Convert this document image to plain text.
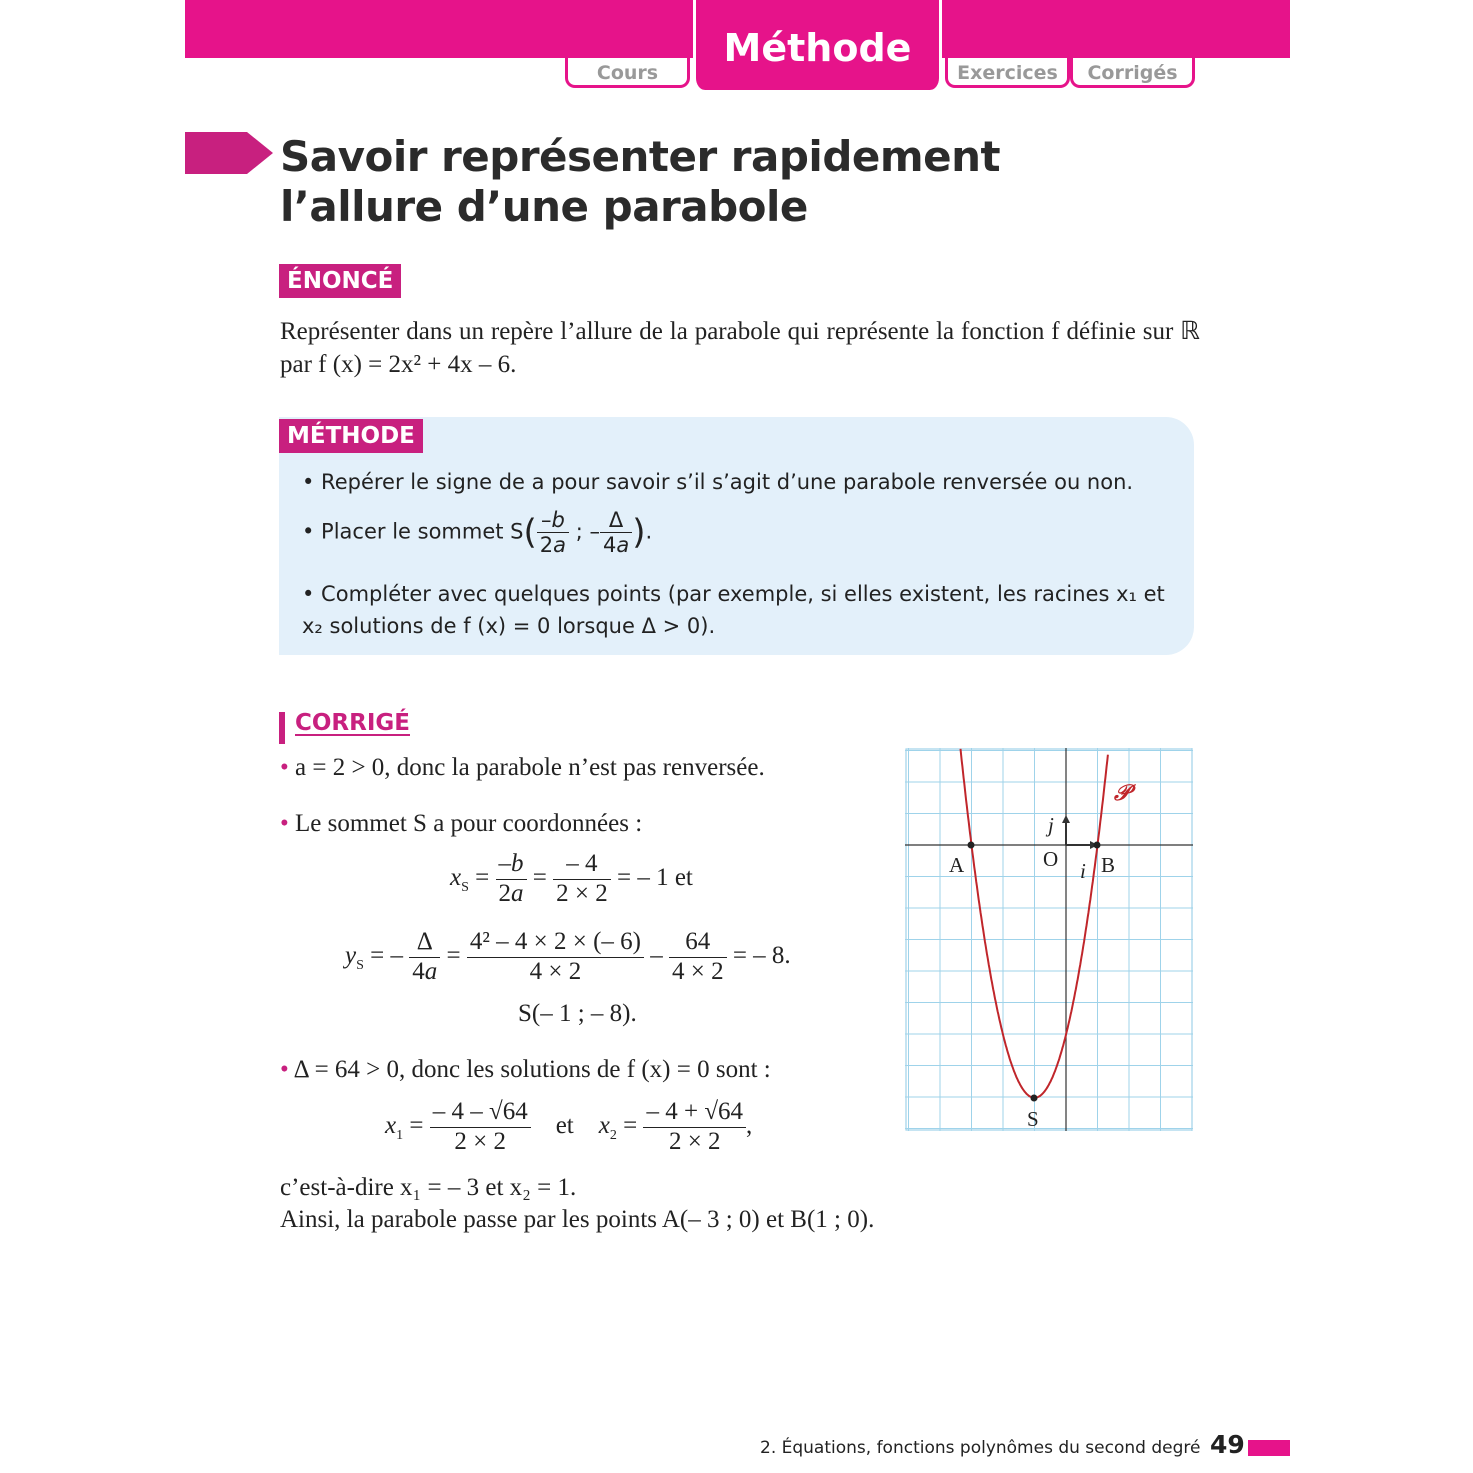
Cours
Méthode
Exercices	Corrigés
Savoir représenter rapidement
l’allure d’une parabole
ÉNONCÉ
Représenter dans un repère l’allure de la parabole qui représente la fonction f définie sur ℝ par f (x) = 2x² + 4x – 6.
MÉTHODE
• Repérer le signe de a pour savoir s’il s’agit d’une parabole renversée ou non.
• Placer le sommet $S( \frac{-b}{2a}$ ; – $\frac{\Delta}{4a}$ ).
• Compléter avec quelques points (par exemple, si elles existent, les racines x₁ et x₂ solutions de f (x) = 0 lorsque Δ > 0).
CORRIGÉ
• a = 2 > 0, donc la parabole n’est pas renversée.
• Le sommet S a pour coordonnées :
$x_S = \frac{-b}{2a} = \frac{- 4}{2 \times 2}$ = – 1 et
$y_S$ = – $\frac{\Delta}{4a} = \frac{\text{4² – 4 × 2 × (– 6)}}{4 \times 2} - \frac{64}{4 \times 2}$ = – 8.
S(– 1 ; – 8).
• Δ = 64 > 0, donc les solutions de f (x) = 0 sont :
$x_1 = \frac{- 4 - √64}{2 \times 2}$ et $x_2 = \frac{- 4 + √64}{2 \times 2}$ ,
c’est-à-dire x₁ = – 3 et x₂ = 1.
Ainsi, la parabole passe par les points A(– 3 ; 0) et B(1 ; 0).
A	B
O
S
i
j
𝒫
2. Équations, fonctions polynômes du second degré 49
